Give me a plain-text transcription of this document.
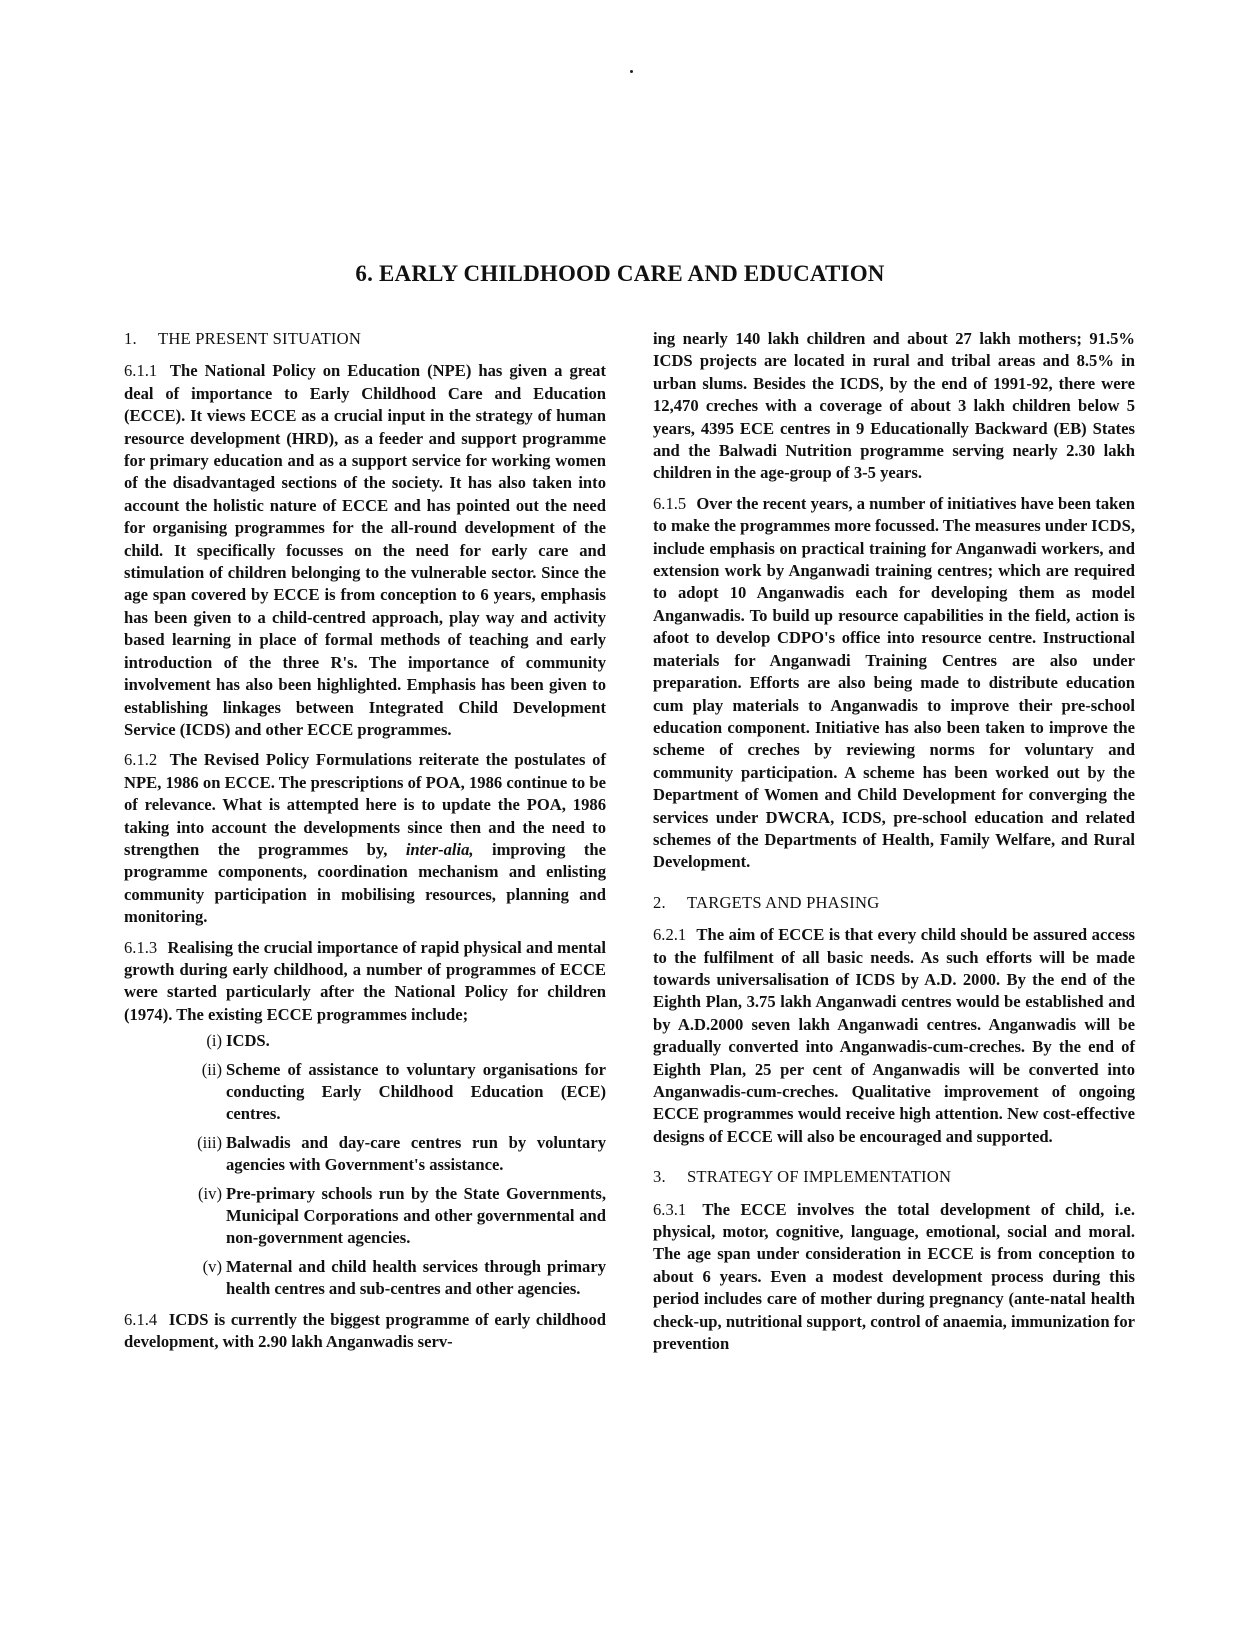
6. EARLY CHILDHOOD CARE AND EDUCATION
1. THE PRESENT SITUATION

6.1.1 The National Policy on Education (NPE) has given a great deal of importance to Early Childhood Care and Education (ECCE). It views ECCE as a crucial input in the strategy of human resource development (HRD), as a feeder and support programme for primary education and as a support service for working women of the disadvantaged sections of the society. It has also taken into account the holistic nature of ECCE and has pointed out the need for organising programmes for the all-round development of the child. It specifically focusses on the need for early care and stimulation of children belonging to the vulnerable sector. Since the age span covered by ECCE is from conception to 6 years, emphasis has been given to a child-centred approach, play way and activity based learning in place of formal methods of teaching and early introduction of the three R's. The importance of community involvement has also been highlighted. Emphasis has been given to establishing linkages between Integrated Child Development Service (ICDS) and other ECCE programmes.

6.1.2 The Revised Policy Formulations reiterate the postulates of NPE, 1986 on ECCE. The prescriptions of POA, 1986 continue to be of relevance. What is attempted here is to update the POA, 1986 taking into account the developments since then and the need to strengthen the programmes by, inter-alia, improving the programme components, coordination mechanism and enlisting community participation in mobilising resources, planning and monitoring.

6.1.3 Realising the crucial importance of rapid physical and mental growth during early childhood, a number of programmes of ECCE were started particularly after the National Policy for children (1974). The existing ECCE programmes include;

(i) ICDS.
(ii) Scheme of assistance to voluntary organisations for conducting Early Childhood Education (ECE) centres.
(iii) Balwadis and day-care centres run by voluntary agencies with Government's assistance.
(iv) Pre-primary schools run by the State Governments, Municipal Corporations and other governmental and non-government agencies.
(v) Maternal and child health services through primary health centres and sub-centres and other agencies.

6.1.4 ICDS is currently the biggest programme of early childhood development, with 2.90 lakh Anganwadis serv-

ing nearly 140 lakh children and about 27 lakh mothers; 91.5% ICDS projects are located in rural and tribal areas and 8.5% in urban slums. Besides the ICDS, by the end of 1991-92, there were 12,470 creches with a coverage of about 3 lakh children below 5 years, 4395 ECE centres in 9 Educationally Backward (EB) States and the Balwadi Nutrition programme serving nearly 2.30 lakh children in the age-group of 3-5 years.

6.1.5 Over the recent years, a number of initiatives have been taken to make the programmes more focussed. The measures under ICDS, include emphasis on practical training for Anganwadi workers, and extension work by Anganwadi training centres; which are required to adopt 10 Anganwadis each for developing them as model Anganwadis. To build up resource capabilities in the field, action is afoot to develop CDPO's office into resource centre. Instructional materials for Anganwadi Training Centres are also under preparation. Efforts are also being made to distribute education cum play materials to Anganwadis to improve their pre-school education component. Initiative has also been taken to improve the scheme of creches by reviewing norms for voluntary and community participation. A scheme has been worked out by the Department of Women and Child Development for converging the services under DWCRA, ICDS, pre-school education and related schemes of the Departments of Health, Family Welfare, and Rural Development.

2. TARGETS AND PHASING

6.2.1 The aim of ECCE is that every child should be assured access to the fulfilment of all basic needs. As such efforts will be made towards universalisation of ICDS by A.D. 2000. By the end of the Eighth Plan, 3.75 lakh Anganwadi centres would be established and by A.D.2000 seven lakh Anganwadi centres. Anganwadis will be gradually converted into Anganwadis-cum-creches. By the end of Eighth Plan, 25 per cent of Anganwadis will be converted into Anganwadis-cum-creches. Qualitative improvement of ongoing ECCE programmes would receive high attention. New cost-effective designs of ECCE will also be encouraged and supported.

3. STRATEGY OF IMPLEMENTATION

6.3.1 The ECCE involves the total development of child, i.e. physical, motor, cognitive, language, emotional, social and moral. The age span under consideration in ECCE is from conception to about 6 years. Even a modest development process during this period includes care of mother during pregnancy (ante-natal health check-up, nutritional support, control of anaemia, immunization for prevention
